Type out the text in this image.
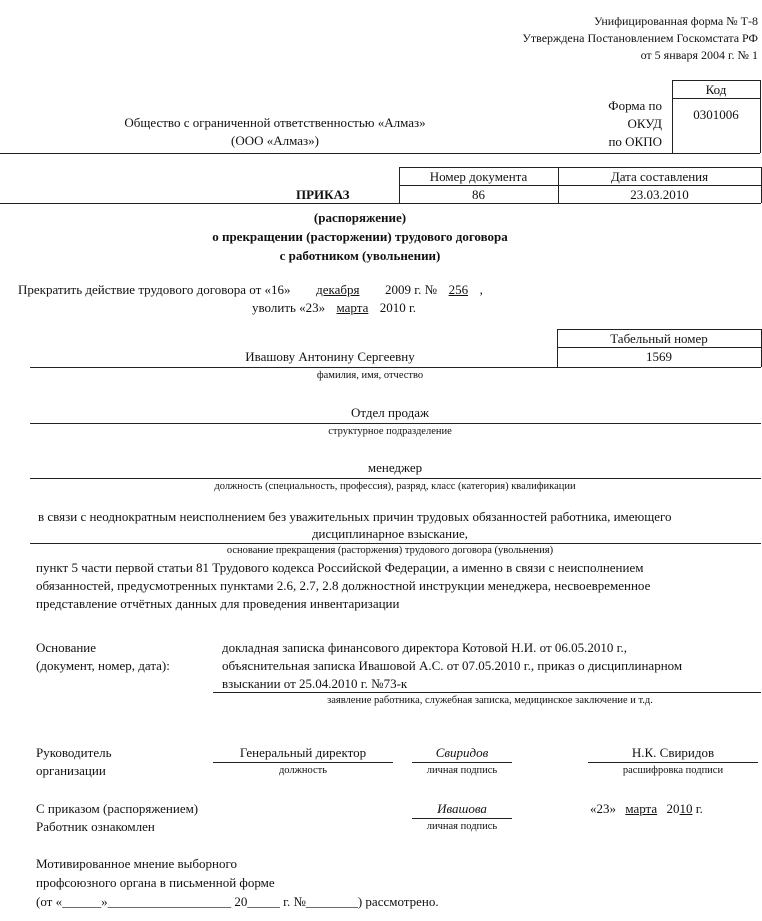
Унифицированная форма № Т-8
Утверждена Постановлением Госкомстата РФ
от 5 января 2004 г. № 1
Код
0301006
Форма по
ОКУД
по ОКПО
Общество с ограниченной ответственностью «Алмаз»
(ООО «Алмаз»)
Номер документа	Дата составления
86	23.03.2010
ПРИКАЗ
(распоряжение)
о прекращении (расторжении) трудового договора
с работником (увольнении)
Прекратить действие трудового договора от «16» декабря 2009 г. № 256 ,
уволить «23» марта 2010 г.
Табельный номер
1569
Ивашову Антонину Сергеевну
фамилия, имя, отчество
Отдел продаж
структурное подразделение
менеджер
должность (специальность, профессия), разряд, класс (категория) квалификации
в связи с неоднократным неисполнением без уважительных причин трудовых обязанностей работника, имеющего
дисциплинарное взыскание,
основание прекращения (расторжения) трудового договора (увольнения)
пункт 5 части первой статьи 81 Трудового кодекса Российской Федерации, а именно в связи с неисполнением
обязанностей, предусмотренных пунктами 2.6, 2.7, 2.8 должностной инструкции менеджера, несвоевременное
представление отчётных данных для проведения инвентаризации
Основание
(документ, номер, дата):
докладная записка финансового директора Котовой Н.И. от 06.05.2010 г.,
объяснительная записка Ивашовой А.С. от 07.05.2010 г., приказ о дисциплинарном
взыскании от 25.04.2010 г. №73-к
заявление работника, служебная записка, медицинское заключение и т.д.
Руководитель
организации
Генеральный директор
должность
Свиридов
личная подпись
Н.К. Свиридов
расшифровка подписи
С приказом (распоряжением)
Работник ознакомлен
Ивашова
личная подпись
«23» марта 2010 г.
Мотивированное мнение выборного
профсоюзного органа в письменной форме
(от «______»___________________ 20_____ г. №________) рассмотрено.
